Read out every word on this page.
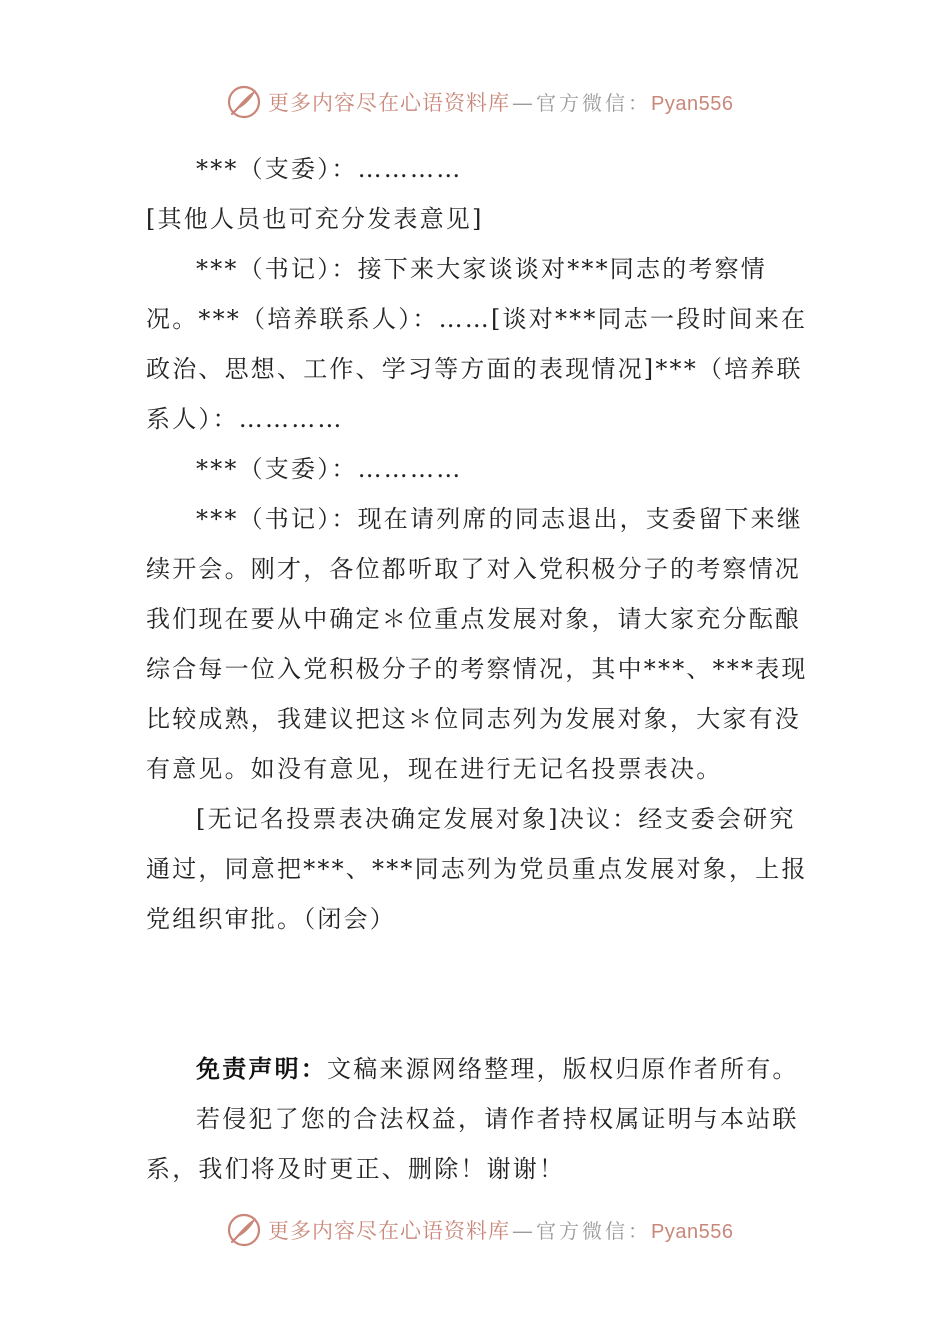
更多内容尽在心语资料库— 官方微信：Pyan556

***（支委）：…………

[其他人员也可充分发表意见]

***（书记）：接下来大家谈谈对***同志的考察情况。***（培养联系人）：……[谈对***同志一段时间来在政治、思想、工作、学习等方面的表现情况]***（培养联系人）：…………

***（支委）：…………

***（书记）：现在请列席的同志退出，支委留下来继续开会。刚才，各位都听取了对入党积极分子的考察情况我们现在要从中确定＊位重点发展对象，请大家充分酝酿综合每一位入党积极分子的考察情况，其中***、***表现比较成熟，我建议把这＊位同志列为发展对象，大家有没有意见。如没有意见，现在进行无记名投票表决。

[无记名投票表决确定发展对象]决议：经支委会研究通过，同意把***、***同志列为党员重点发展对象，上报党组织审批。（闭会）

免责声明：文稿来源网络整理，版权归原作者所有。

若侵犯了您的合法权益，请作者持权属证明与本站联系，我们将及时更正、删除！谢谢！

更多内容尽在心语资料库— 官方微信：Pyan556
